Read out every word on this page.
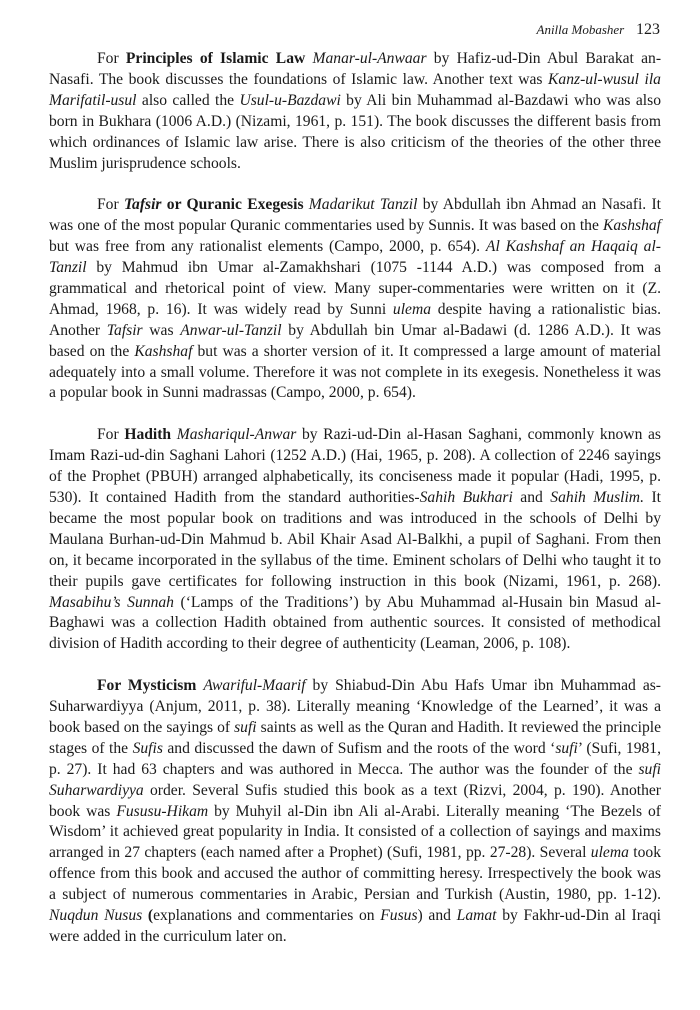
Anilla Mobasher 123

For Principles of Islamic Law Manar-ul-Anwaar by Hafiz-ud-Din Abul Barakat an-Nasafi. The book discusses the foundations of Islamic law. Another text was Kanz-ul-wusul ila Marifatil-usul also called the Usul-u-Bazdawi by Ali bin Muhammad al-Bazdawi who was also born in Bukhara (1006 A.D.) (Nizami, 1961, p. 151). The book discusses the different basis from which ordinances of Islamic law arise. There is also criticism of the theories of the other three Muslim jurisprudence schools.

For Tafsir or Quranic Exegesis Madarikut Tanzil by Abdullah ibn Ahmad an Nasafi. It was one of the most popular Quranic commentaries used by Sunnis. It was based on the Kashshaf but was free from any rationalist elements (Campo, 2000, p. 654). Al Kashshaf an Haqaiq al-Tanzil by Mahmud ibn Umar al-Zamakhshari (1075 -1144 A.D.) was composed from a grammatical and rhetorical point of view. Many super-commentaries were written on it (Z. Ahmad, 1968, p. 16). It was widely read by Sunni ulema despite having a rationalistic bias. Another Tafsir was Anwar-ul-Tanzil by Abdullah bin Umar al-Badawi (d. 1286 A.D.). It was based on the Kashshaf but was a shorter version of it. It compressed a large amount of material adequately into a small volume. Therefore it was not complete in its exegesis. Nonetheless it was a popular book in Sunni madrassas (Campo, 2000, p. 654).

For Hadith Mashariqul-Anwar by Razi-ud-Din al-Hasan Saghani, commonly known as Imam Razi-ud-din Saghani Lahori (1252 A.D.) (Hai, 1965, p. 208). A collection of 2246 sayings of the Prophet (PBUH) arranged alphabetically, its conciseness made it popular (Hadi, 1995, p. 530). It contained Hadith from the standard authorities-Sahih Bukhari and Sahih Muslim. It became the most popular book on traditions and was introduced in the schools of Delhi by Maulana Burhan-ud-Din Mahmud b. Abil Khair Asad Al-Balkhi, a pupil of Saghani. From then on, it became incorporated in the syllabus of the time. Eminent scholars of Delhi who taught it to their pupils gave certificates for following instruction in this book (Nizami, 1961, p. 268). Masabihu’s Sunnah (‘Lamps of the Traditions’) by Abu Muhammad al-Husain bin Masud al-Baghawi was a collection Hadith obtained from authentic sources. It consisted of methodical division of Hadith according to their degree of authenticity (Leaman, 2006, p. 108).

For Mysticism Awariful-Maarif by Shiabud-Din Abu Hafs Umar ibn Muhammad as-Suharwardiyya (Anjum, 2011, p. 38). Literally meaning ‘Knowledge of the Learned’, it was a book based on the sayings of sufi saints as well as the Quran and Hadith. It reviewed the principle stages of the Sufis and discussed the dawn of Sufism and the roots of the word ‘sufi’ (Sufi, 1981, p. 27). It had 63 chapters and was authored in Mecca. The author was the founder of the sufi Suharwardiyya order. Several Sufis studied this book as a text (Rizvi, 2004, p. 190). Another book was Fususu-Hikam by Muhyil al-Din ibn Ali al-Arabi. Literally meaning ‘The Bezels of Wisdom’ it achieved great popularity in India. It consisted of a collection of sayings and maxims arranged in 27 chapters (each named after a Prophet) (Sufi, 1981, pp. 27-28). Several ulema took offence from this book and accused the author of committing heresy. Irrespectively the book was a subject of numerous commentaries in Arabic, Persian and Turkish (Austin, 1980, pp. 1-12). Nuqdun Nusus (explanations and commentaries on Fusus) and Lamat by Fakhr-ud-Din al Iraqi were added in the curriculum later on.
